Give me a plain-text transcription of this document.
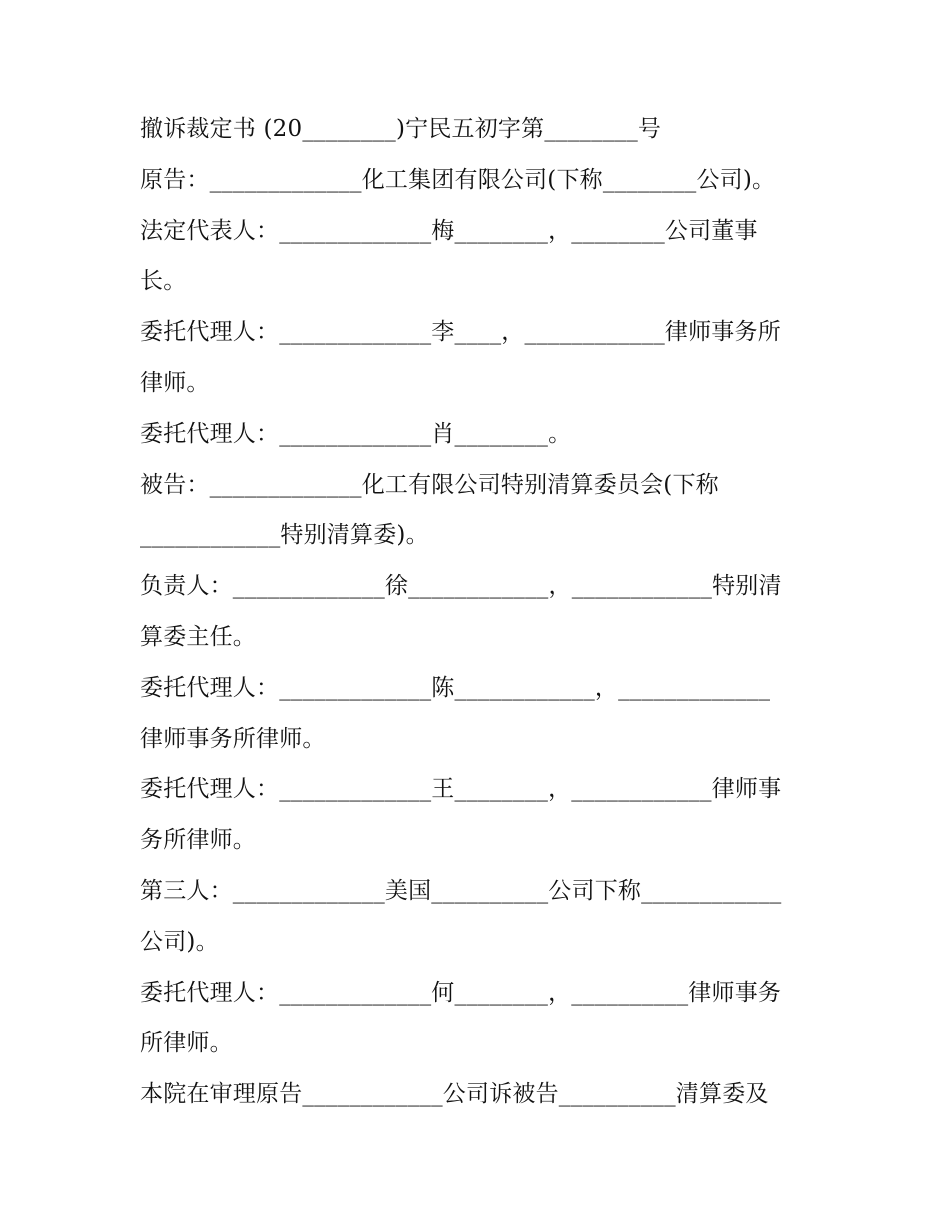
撤诉裁定书 (20________)宁民五初字第________号
原告：_____________化工集团有限公司(下称________公司)。
法定代表人：_____________梅________，________公司董事
长。
委托代理人：_____________李____，____________律师事务所
律师。
委托代理人：_____________肖________。
被告：_____________化工有限公司特别清算委员会(下称
____________特别清算委)。
负责人：_____________徐____________，____________特别清
算委主任。
委托代理人：_____________陈____________，_____________
律师事务所律师。
委托代理人：_____________王________，____________律师事
务所律师。
第三人：_____________美国__________公司下称____________
公司)。
委托代理人：_____________何________，__________律师事务
所律师。
本院在审理原告____________公司诉被告__________清算委及
